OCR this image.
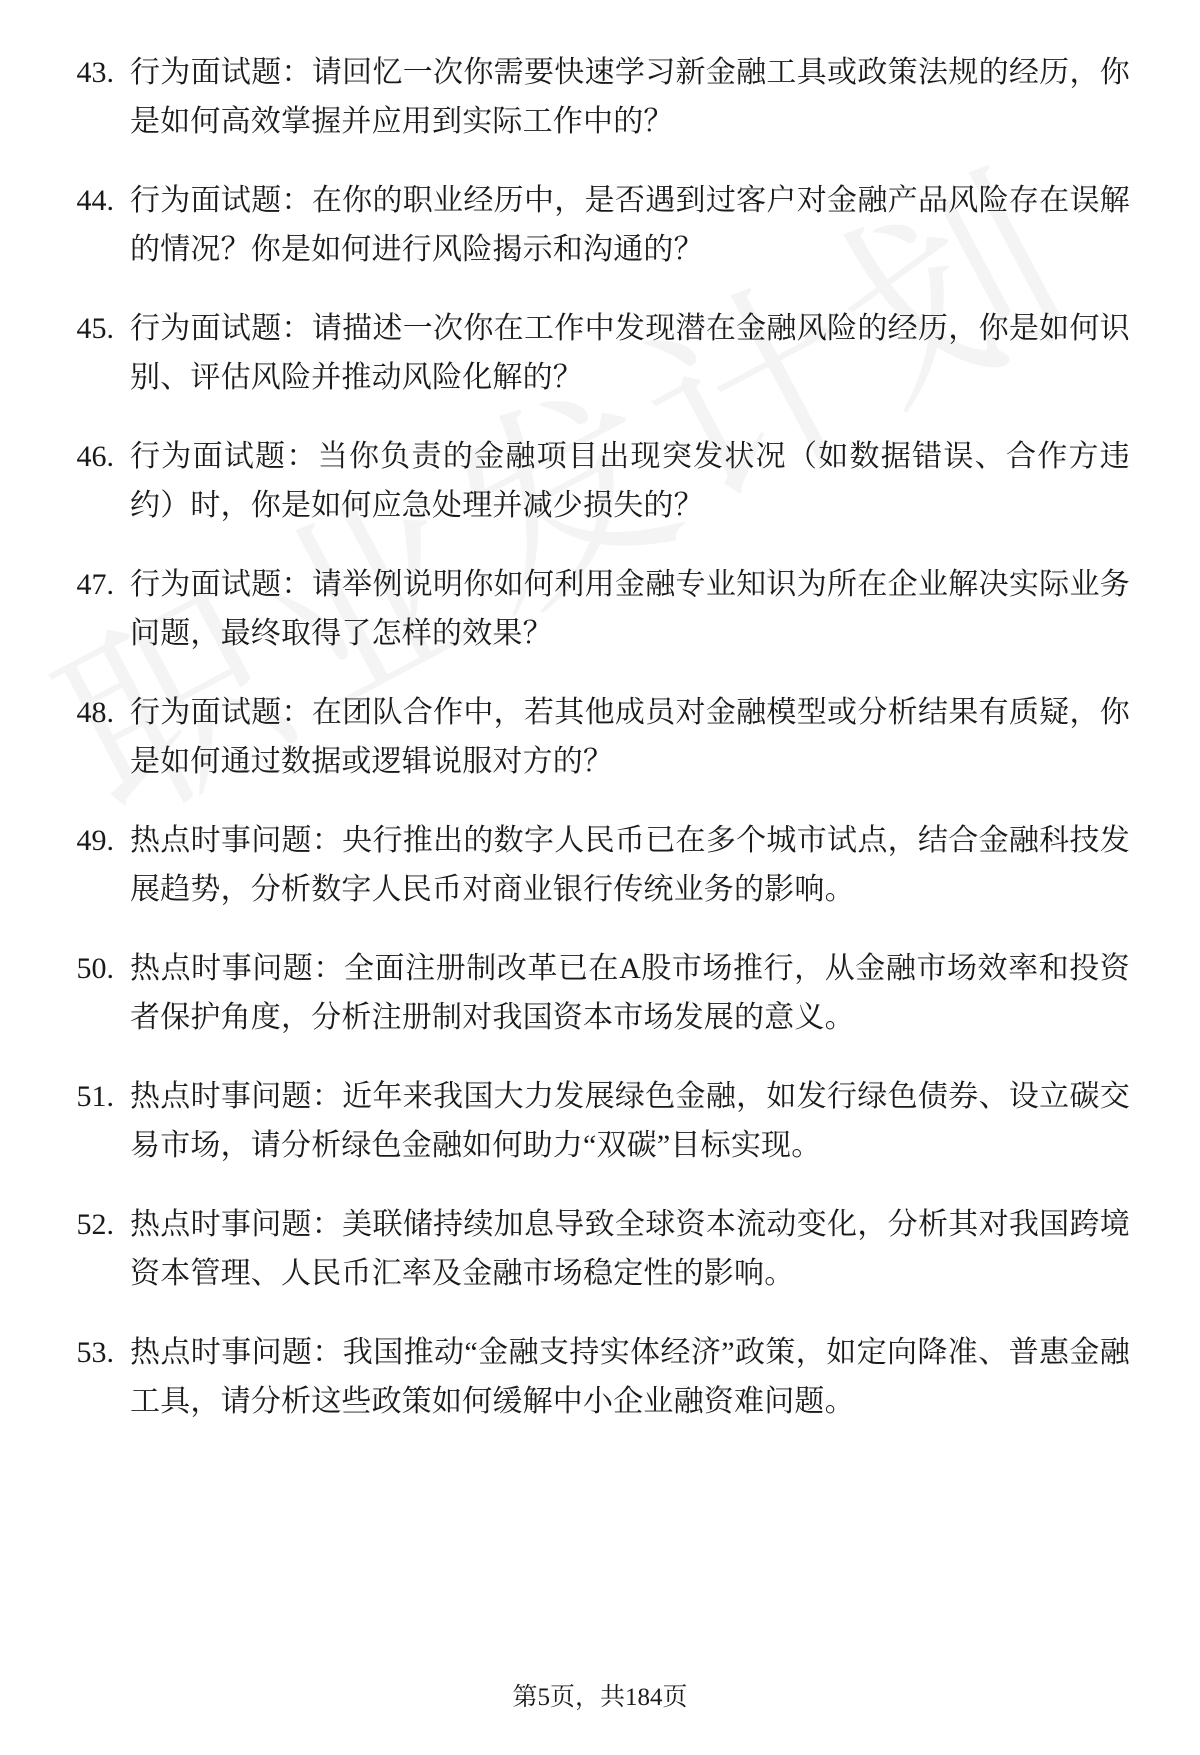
43. 行为面试题：请回忆一次你需要快速学习新金融工具或政策法规的经历，你是如何高效掌握并应用到实际工作中的？
44. 行为面试题：在你的职业经历中，是否遇到过客户对金融产品风险存在误解的情况？你是如何进行风险揭示和沟通的？
45. 行为面试题：请描述一次你在工作中发现潜在金融风险的经历，你是如何识别、评估风险并推动风险化解的？
46. 行为面试题：当你负责的金融项目出现突发状况（如数据错误、合作方违约）时，你是如何应急处理并减少损失的？
47. 行为面试题：请举例说明你如何利用金融专业知识为所在企业解决实际业务问题，最终取得了怎样的效果？
48. 行为面试题：在团队合作中，若其他成员对金融模型或分析结果有质疑，你是如何通过数据或逻辑说服对方的？
49. 热点时事问题：央行推出的数字人民币已在多个城市试点，结合金融科技发展趋势，分析数字人民币对商业银行传统业务的影响。
50. 热点时事问题：全面注册制改革已在A股市场推行，从金融市场效率和投资者保护角度，分析注册制对我国资本市场发展的意义。
51. 热点时事问题：近年来我国大力发展绿色金融，如发行绿色债券、设立碳交易市场，请分析绿色金融如何助力“双碳”目标实现。
52. 热点时事问题：美联储持续加息导致全球资本流动变化，分析其对我国跨境资本管理、人民币汇率及金融市场稳定性的影响。
53. 热点时事问题：我国推动“金融支持实体经济”政策，如定向降准、普惠金融工具，请分析这些政策如何缓解中小企业融资难问题。
第5页，共184页
